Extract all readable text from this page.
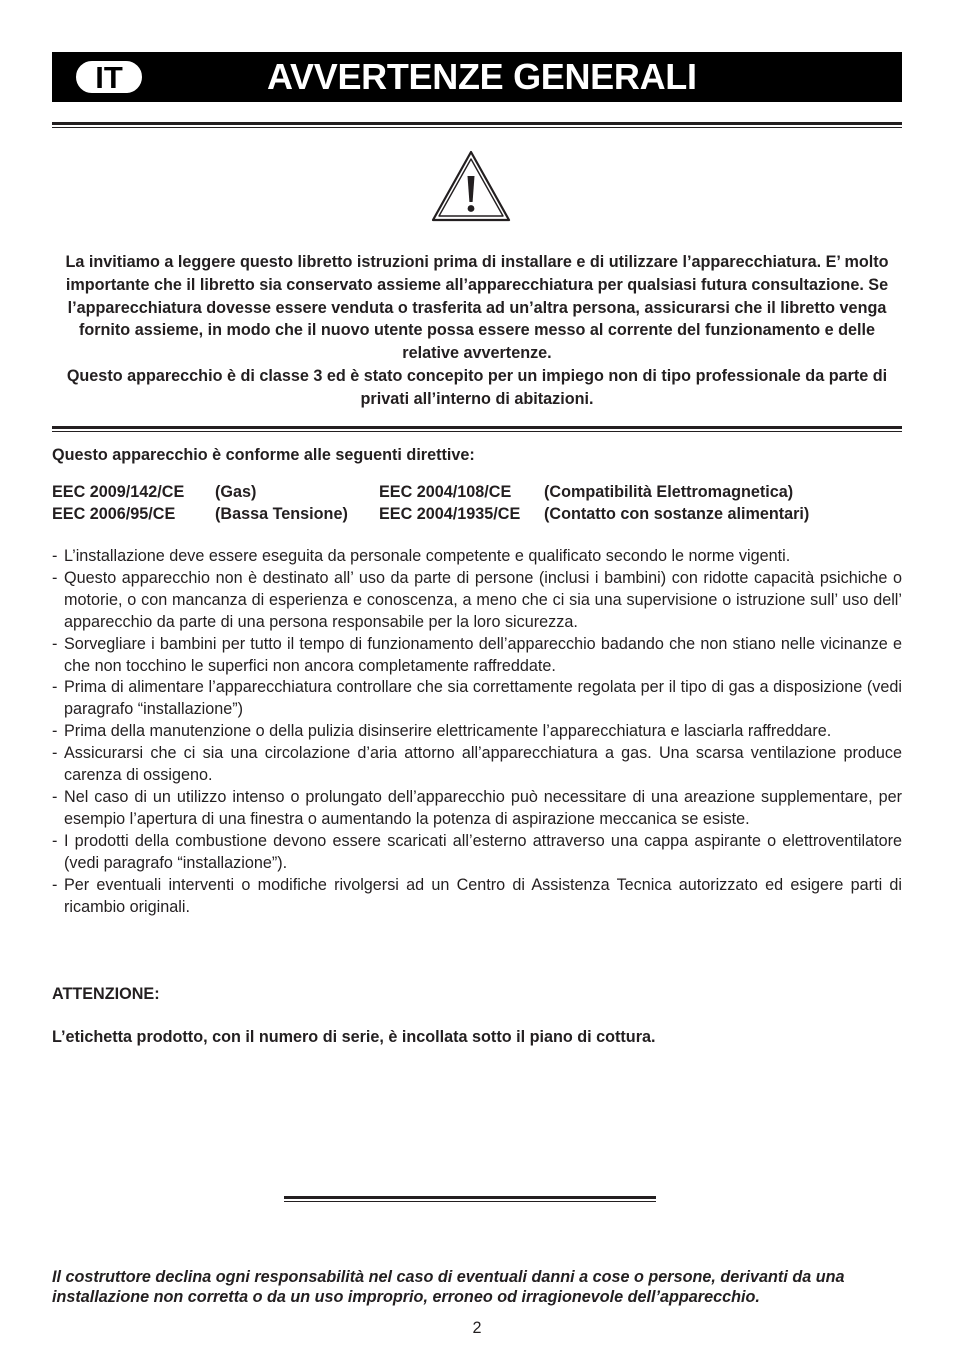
IT	AVVERTENZE GENERALI

La invitiamo a leggere questo libretto istruzioni prima di installare e di utilizzare l’apparecchiatura. E’ molto importante che il libretto sia conservato assieme all’apparecchiatura per qualsiasi futura consultazione. Se l’apparecchiatura dovesse essere venduta o trasferita ad un’altra persona, assicurarsi che il libretto venga fornito assieme, in modo che il nuovo utente possa essere messo al corrente del funzionamento e delle relative avvertenze.

Questo apparecchio è di classe 3 ed è stato concepito per un impiego non di tipo professionale da parte di privati all’interno di abitazioni.

Questo apparecchio è conforme alle seguenti direttive:
EEC 2009/142/CE	(Gas)	EEC 2004/108/CE	(Compatibilità Elettromagnetica)
EEC 2006/95/CE	(Bassa Tensione)	EEC 2004/1935/CE	(Contatto con sostanze alimentari)
- L’installazione deve essere eseguita da personale competente e qualificato secondo le norme vigenti.
- Questo apparecchio non è destinato all’ uso da parte di persone (inclusi i bambini) con ridotte capacità psichiche o motorie, o con mancanza di esperienza e conoscenza, a meno che ci sia una supervisione o istruzione sull’ uso dell’ apparecchio da parte di una persona responsabile per la loro sicurezza.
- Sorvegliare i bambini per tutto il tempo di funzionamento dell’apparecchio badando che non stiano nelle vicinanze e che non tocchino le superfici non ancora completamente raffreddate.
- Prima di alimentare l’apparecchiatura controllare che sia correttamente regolata per il tipo di gas a disposizione (vedi paragrafo “installazione”)
- Prima della manutenzione o della pulizia disinserire elettricamente l’apparecchiatura e lasciarla raffreddare.
- Assicurarsi che ci sia una circolazione d’aria attorno all’apparecchiatura a gas. Una scarsa ventilazione produce carenza di ossigeno.
- Nel caso di un utilizzo intenso o prolungato dell’apparecchio può necessitare di una areazione supplementare, per esempio l’apertura di una finestra o aumentando la potenza di aspirazione meccanica se esiste.
- I prodotti della combustione devono essere scaricati all’esterno attraverso una cappa aspirante o elettroventilatore (vedi paragrafo “installazione”).
- Per eventuali interventi o modifiche rivolgersi ad un Centro di Assistenza Tecnica autorizzato ed esigere parti di ricambio originali.
ATTENZIONE:
L’etichetta prodotto, con il numero di serie, è incollata sotto il piano di cottura.

Il costruttore declina ogni responsabilità nel caso di eventuali danni a cose o persone, derivanti da una installazione non corretta o da un uso improprio, erroneo od irragionevole dell’apparecchio.

2
